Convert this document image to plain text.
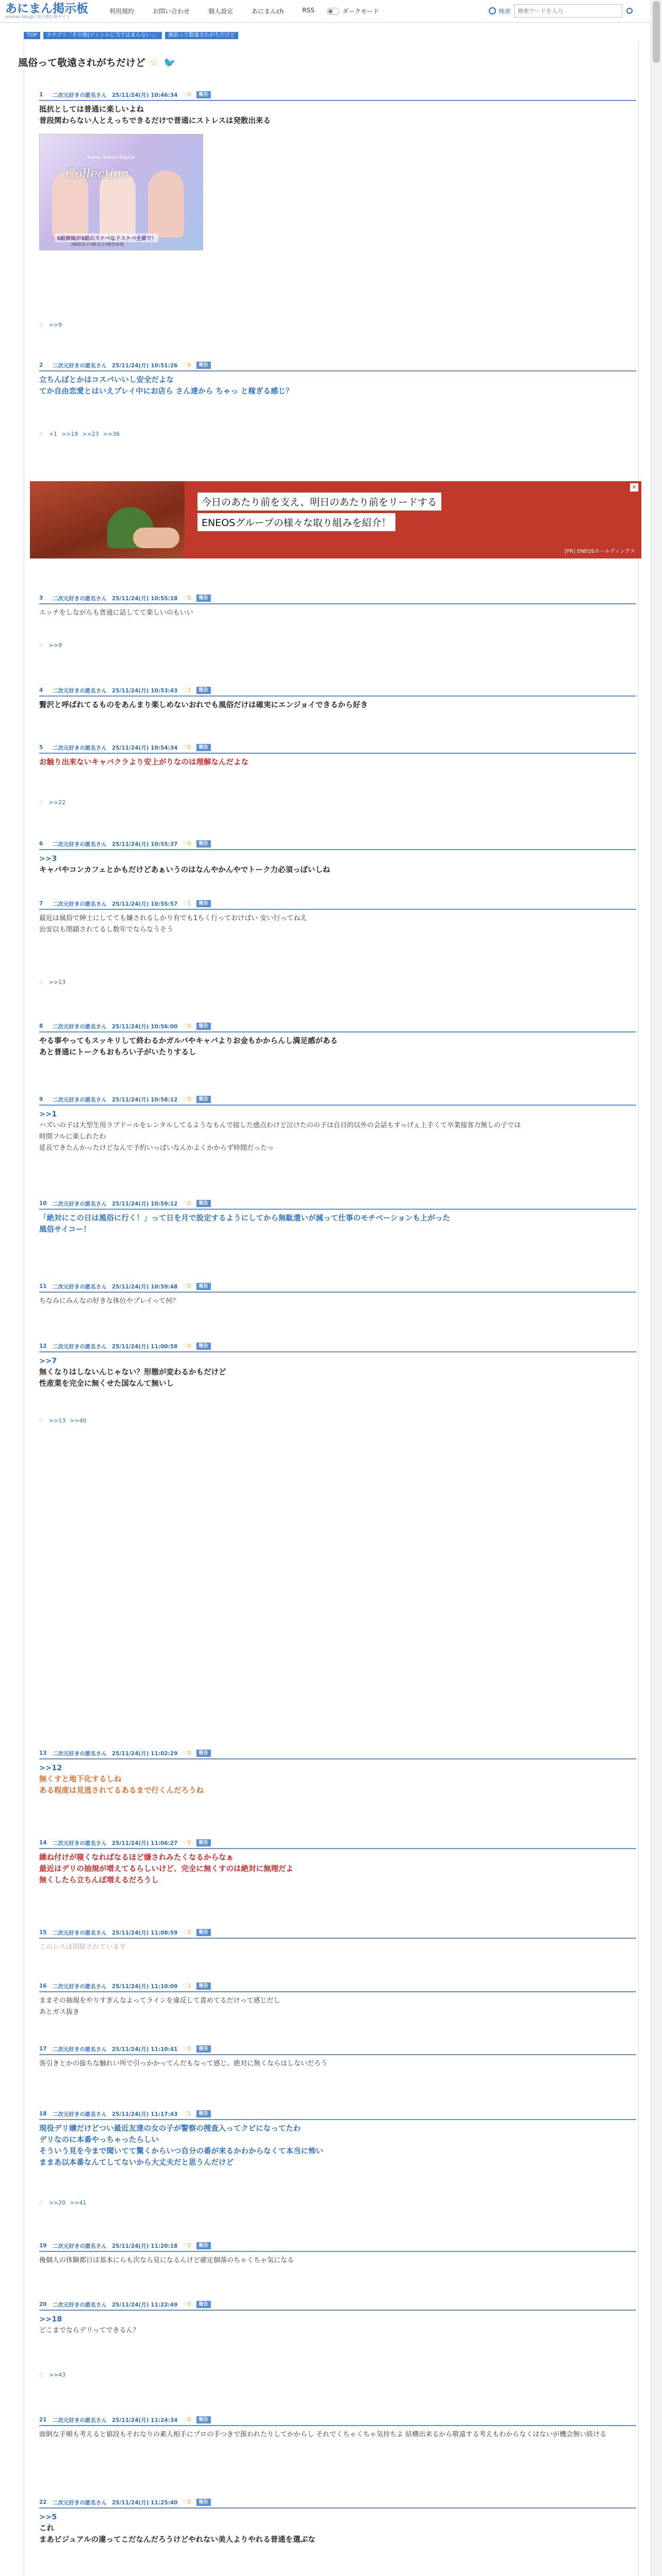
あにまん掲示板
animan bbs@ | 総合掲示板サイト
利用規約	お問い合わせ	個人設定	あにまんch	RSS	ダークモード	検索
検索ワードを入力
TOP	カテゴリ「その他(ジャンルに当てはまらない」」	風俗って敬遠されがちだけど
風俗って敬遠されがちだけど ☆ 🐦
Yumei Sisters Digital
Collection
5組姉妹が5組のスケベなドスケベ全員で！
3極限系の3極美女3極性姉妹
今日のあたり前を支え、明日のあたり前をリードする
ENEOSグループの様々な取り組みを紹介！
[PR] ENEOSホールディングス
✕
1	二次元好きの匿名さん 25/11/24(月) 10:46:34 ♡0	報告

抵抗としては普通に楽しいよね

普段関わらない人とえっちできるだけで普通にストレスは発散出来る

☝ >>9
2	二次元好きの匿名さん 25/11/24(月) 10:51:26 ♡6	報告

立ちんぼとかはコスパいいし安全だよな

てか自由恋愛とはいえプレイ中にお店ら さん達から ちゃっ と稼ぎる感じ？

☝ +1 >>19 >>23 >>36
3	二次元好きの匿名さん 25/11/24(月) 10:55:18 ♡0	報告

エッチをしながらも普通に話してて楽しいのもいい

☝ >>9
4	二次元好きの匿名さん 25/11/24(月) 10:53:43 ♡1	報告

贅沢と呼ばれてるものをあんまり楽しめないおれでも風俗だけは確実にエンジョイできるから好き

5	二次元好きの匿名さん 25/11/24(月) 10:54:34 ♡0	報告

お触り出来ないキャバクラより安上がりなのは理解なんだよな

☝ >>22
6	二次元好きの匿名さん 25/11/24(月) 10:55:37 ♡0	報告

>>3

キャバやコンカフェとかもだけどあぁいうのはなんやかんやでトーク力必須っぽいしね

7	二次元好きの匿名さん 25/11/24(月) 10:55:57 ♡1	報告

最近は風俗で紳士にしてても嫌されるしかり有でも1ちく行っておけばい 安い行ってねえ

治安以も閉鎖されてるし数年でならなうそう

☝ >>13
8	二次元好きの匿名さん 25/11/24(月) 10:56:00 ♡0	報告

やる事やってもスッキリして終わるかガルバやキャバよりお金もかからんし満足感がある

あと普通にトークもおもろい子がいたりするし

9	二次元好きの匿名さん 25/11/24(月) 10:58:12 ♡0	報告

>>1

ハズいの子は大型生用ラブドールをレンタルしてるようなもんで接した感点わけど泣けたのの子は自目的以外の会話もすっげぇ上手くて卒業接客力無しの子では

時間フルに楽しれたわ

延長できたんかったけどなんで予約いっぱいなんかよくかからず時間だったっ

10	二次元好きの匿名さん 25/11/24(月) 10:59:12 ♡0	報告

「絶対にこの日は風俗に行く！」って日を月で設定するようにしてから無駄遣いが減って仕事のモチベーションも上がった

風俗サイコー！

11	二次元好きの匿名さん 25/11/24(月) 10:59:48 ♡0	報告

ちなみにみんなの好きな体位やプレイって何？

12	二次元好きの匿名さん 25/11/24(月) 11:00:58 ♡0	報告

>>7

無くなりはしないんじゃない？形態が変わるかもだけど

性産業を完全に無くせた国なんて無いし

☝ >>13 >>40
13	二次元好きの匿名さん 25/11/24(月) 11:02:29 ♡0	報告

>>12

無くすと地下化するしね

ある程度は見逃されてるあるまで行くんだろうね

14	二次元好きの匿名さん 25/11/24(月) 11:06:27 ♡0	報告

繰ね付けが寝くなればなるほど嫌されみたくなるからなぁ

最近はデリの抽規が増えてるらしいけど、完全に無くすのは絶対に無理だよ

無くしたら立ちんぼ増えるだろうし

15	二次元好きの匿名さん 25/11/24(月) 11:08:59 ♡0	報告

このレスは削除されています

16	二次元好きの匿名さん 25/11/24(月) 11:10:09 ♡1	報告

ままその抽規をやりすぎんなよってラインを違反して責めてるだけって感じだし

あとガス抜き

17	二次元好きの匿名さん 25/11/24(月) 11:10:41 ♡0	報告

客引きとかの抜ちな触れい所で引っかかってんだもなって感じ、絶対に無くならはしないだろう

18	二次元好きの匿名さん 25/11/24(月) 11:17:43 ♡1	報告

現役デリ嬢だけどつい最近友達の女の子が警察の捜査入ってクビになってたわ

デリなのに本番やっちゃったらしい

そういう見を今まで聞いてて驚くからいつ自分の番が来るかわからなくて本当に怖い

ままあ以本番なんてしてないから大丈夫だと思うんだけど

☝ >>20 >>41
19	二次元好きの匿名さん 25/11/24(月) 11:20:18 ♡0	報告

俺個人の体験都日は基本にらも次なら見になるんけど確定個落のちゃくちゃ気になる

20	二次元好きの匿名さん 25/11/24(月) 11:22:49 ♡0	報告

>>18

どこまでならデリってできるん？

☝ >>43
21	二次元好きの匿名さん 25/11/24(月) 11:24:34 ♡0	報告

面倒な手順も考えると値段もそれなりの素人相手にプロの手つきで扱われたりしてかからし それでくちゃくちゃ気持ちよ 結構出来るから敬遠する考えもわからなくはないが機会無い続ける

22	二次元好きの匿名さん 25/11/24(月) 11:25:40 ♡0	報告

>>5

これ

まあビジュアルの違ってこだなんだろうけどやれない美人よりやれる普通を選ぶな
